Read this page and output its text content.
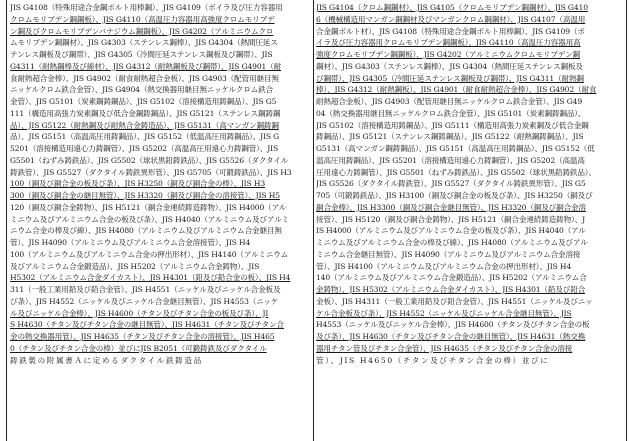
JIS G4108（特殊用途合金鋼ボルト用棒鋼）、JIS G4109（ボイラ及び圧力容器用
クロムモリブデン鋼鋼板）、JIS G4110（高温圧力容器用高強度クロムモリブデ
ン鋼及びクロムモリブデンバナジウム鋼鋼板）、JIS G4202（アルミニウムクロ
ムモリブデン鋼鋼材）、JIS G4303（ステンレス鋼棒）、JIS G4304（熱間圧延ス
テンレス鋼板及び鋼帯）、JIS G4305（冷間圧延ステンレス鋼板及び鋼帯）、JIS
G4311（耐熱鋼棒及び線材）、JIS G4312（耐熱鋼板及び鋼帯）、JIS G4901（耐
食耐熱超合金棒）、JIS G4902（耐食耐熱超合金板）、JIS G4903（配管用継目無
ニッケルクロム鉄合金管）、JIS G4904（熱交換器用継目無ニッケルクロム鉄合
金管）、JIS G5101（炭素鋼鋳鋼品）、JIS G5102（溶接構造用鋳鋼品）、JIS G5
111（構造用高張力炭素鋼及び低合金鋼鋳鋼品）、JIS G5121（ステンレス鋼鋳鋼
品）、JIS G5122（耐熱鋼及び耐熱合金鋳造品）、JIS G5131（高マンガン鋼鋳鋼
品）、JIS G5151（高温高圧用鋳鋼品）、JIS G5152（低温高圧用鋳鋼品）、JIS G
5201（溶接構造用遠心力鋳鋼管）、JIS G5202（高温高圧用遠心力鋳鋼管）、JIS
G5501（ねずみ鋳鉄品）、JIS G5502（球状黒鉛鋳鉄品）、JIS G5526（ダクタイル
鋳鉄管）、JIS G5527（ダクタイル鋳鉄異形管）、JIS G5705（可鍛鋳鉄品）、JIS H3
100（銅及び銅合金の板及び条）、JIS H3250（銅及び銅合金の棒）、JIS H3
300（銅及び銅合金の継目無管）、JIS H3320（銅及び銅合金の溶接管）、JIS H5
120（銅及び銅合金鋳物）、JIS H5121（銅合金連続鋳造鋳物）、JIS H4000（アル
ミニウム及びアルミニウム合金の板及び条）、JIS H4040（アルミニウム及びアルミ
ニウム合金の棒及び線）、JIS H4080（アルミニウム及びアルミニウム合金継目無
管）、JIS H4090（アルミニウム及びアルミニウム合金溶接管）、JIS H4
100（アルミニウム及びアルミニウム合金の押出形材）、JIS H4140（アルミニウム
及びアルミニウム合金鍛造品）、JIS H5202（アルミニウム合金鋳物）、JIS
H5302（アルミニウム合金ダイカスト）、JIS H4301（鉛及び鉛合金の板）、JIS H4
311（一般工業用鉛及び鉛合金管）、JIS H4551（ニッケル及びニッケル合金板及
び条）、JIS H4552（ニッケル及びニッケル合金継目無管）、JIS H4553（ニッケ
ル及びニッケル合金棒）、JIS H4600（チタン及びチタン合金の板及び条）、JI
S H4630（チタン及びチタン合金の継目無管）、JIS H4631（チタン及びチタン合
金の熱交換器用管）、JIS H4635（チタン及びチタン合金の溶接管）、JIS H465
0（チタン及びチタン合金の棒）並びにJIS B2051（可鍛鋳鉄及びダクタイル
鋳鉄製の附属書Ａに定めるダクタイル鉄鋳造品
JIS G4104（クロム鋼鋼材）、JIS G4105（クロムモリブデン鋼鋼材）、JIS G410
6（機械構造用マンガン鋼鋼材及びマンガンクロム鋼鋼材）、JIS G4107（高温用
合金鋼ボルト材）、JIS G4108（特殊用途合金鋼ボルト用棒鋼）、JIS G4109（ボ
イラ及び圧力容器用クロムモリブデン鋼鋼板）、JIS G4110（高温圧力容器用高
強度クロムモリブデン鋼鋼板）、JIS G4202（アルミニウムクロムモリブデン鋼
鋼材）、JIS G4303（ステンレス鋼棒）、JIS G4304（熱間圧延ステンレス鋼板及
び鋼帯）、JIS G4305（冷間圧延ステンレス鋼板及び鋼帯）、JIS G4311（耐熱鋼
棒）、JIS G4312（耐熱鋼板）、JIS G4901（耐食耐熱超合金棒）、JIS G4902（耐食
耐熱超合金板）、JIS G4903（配管用継目無ニッケルクロム鉄合金管）、JIS G49
04（熱交換器用継目無ニッケルクロム鉄合金管）、JIS G5101（炭素鋼鋳鋼品）、
JIS G5102（溶接構造用鋳鋼品）、JIS G5111（構造用高張力炭素鋼及び低合金鋼
鋳鋼品）、JIS G5121（ステンレス鋼鋳鋼品）、JIS G5122（耐熱鋼鋳鋼品）、JIS
G5131（高マンガン鋼鋳鋼品）、JIS G5151（高温高圧用鋳鋼品）、JIS G5152（低
温高圧用鋳鋼品）、JIS G5201（溶接構造用遠心力鋳鋼管）、JIS G5202（高温高
圧用遠心力鋳鋼管）、JIS G5501（ねずみ鋳鉄品）、JIS G5502（球状黒鉛鋳鉄品）、
JIS G5526（ダクタイル鋳鉄管）、JIS G5527（ダクタイル鋳鉄異形管）、JIS G5
705（可鍛鋳鉄品）、JIS H3100（銅及び銅合金の板及び条）、JIS H3250（銅及び
銅合金棒）、JIS H3300（銅及び銅合金継目無管）、JIS H3320（銅及び銅合金溶
接管）、JIS H5120（銅及び銅合金鋳物）、JIS H5121（銅合金連続鋳造鋳物）、J
IS H4000（アルミニウム及びアルミニウム合金の板及び条）、JIS H4040（アル
ミニウム及びアルミニウム合金の棒及び線）、JIS H4080（アルミニウム及びアル
ミニウム合金継目無管）、JIS H4090（アルミニウム及びアルミニウム合金溶接
管）、JIS H4100（アルミニウム及びアルミニウム合金の押出形材）、JIS H4
140（アルミニウム及びアルミニウム合金鍛造品）、JIS H5202（アルミニウム合
金鋳物）、JIS H5302（アルミニウム合金ダイカスト）、JIS H4301（鉛及び鉛合
金板）、JIS H4311（一般工業用鉛及び鉛合金管）、JIS H4551（ニッケル及びニッ
ケル合金板及び条）、JIS H4552（ニッケル及びニッケル合金継目無管）、JIS
H4553（ニッケル及びニッケル合金棒）、JIS H4600（チタン及びチタン合金の板
及び条）、JIS H4630（チタン及びチタン合金の継目無管）、JIS H4631（熱交換
器用チタン管及びチタン合金管）、JIS H4635（チタン及びチタン合金の溶接
管）、JIS H4650（チタン及びチタン合金の棒）並びに
